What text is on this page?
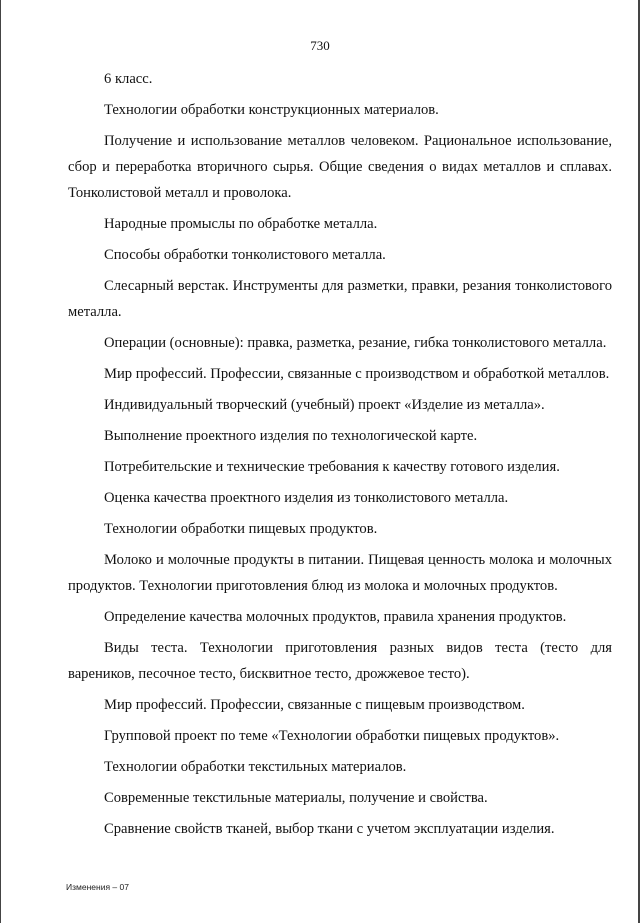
730

6 класс.

Технологии обработки конструкционных материалов.

Получение и использование металлов человеком. Рациональное использование, сбор и переработка вторичного сырья. Общие сведения о видах металлов и сплавах. Тонколистовой металл и проволока.

Народные промыслы по обработке металла.

Способы обработки тонколистового металла.

Слесарный верстак. Инструменты для разметки, правки, резания тонколистового металла.

Операции (основные): правка, разметка, резание, гибка тонколистового металла.

Мир профессий. Профессии, связанные с производством и обработкой металлов.

Индивидуальный творческий (учебный) проект «Изделие из металла».

Выполнение проектного изделия по технологической карте.

Потребительские и технические требования к качеству готового изделия.

Оценка качества проектного изделия из тонколистового металла.

Технологии обработки пищевых продуктов.

Молоко и молочные продукты в питании. Пищевая ценность молока и молочных продуктов. Технологии приготовления блюд из молока и молочных продуктов.

Определение качества молочных продуктов, правила хранения продуктов.

Виды теста. Технологии приготовления разных видов теста (тесто для вареников, песочное тесто, бисквитное тесто, дрожжевое тесто).

Мир профессий. Профессии, связанные с пищевым производством.

Групповой проект по теме «Технологии обработки пищевых продуктов».

Технологии обработки текстильных материалов.

Современные текстильные материалы, получение и свойства.

Сравнение свойств тканей, выбор ткани с учетом эксплуатации изделия.

Изменения – 07
